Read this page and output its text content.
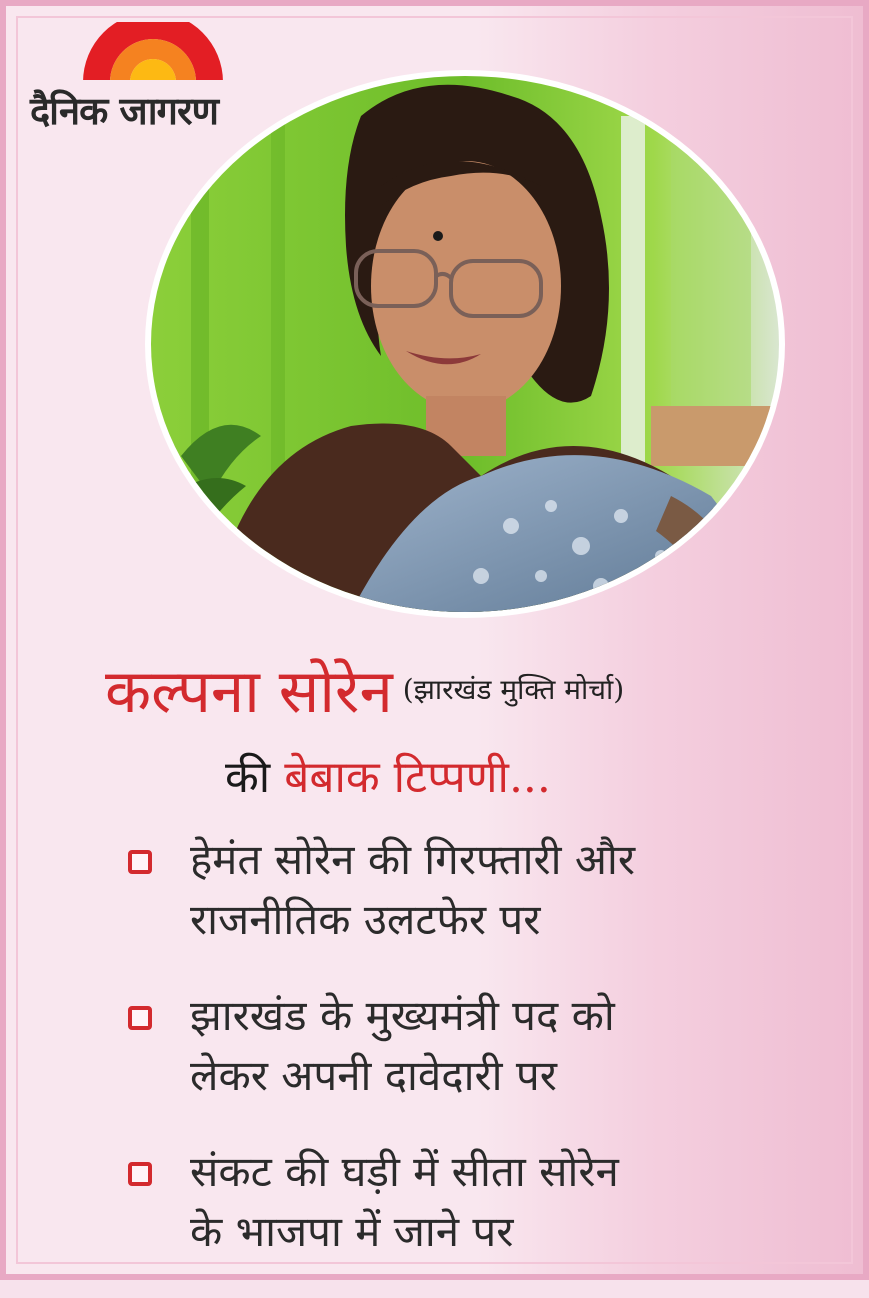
दैनिक जागरण
कल्पना सोरेन (झारखंड मुक्ति मोर्चा)
की बेबाक टिप्पणी...
हेमंत सोरेन की गिरफ्तारी और
राजनीतिक उलटफेर पर
झारखंड के मुख्यमंत्री पद को
लेकर अपनी दावेदारी पर
संकट की घड़ी में सीता सोरेन
के भाजपा में जाने पर
